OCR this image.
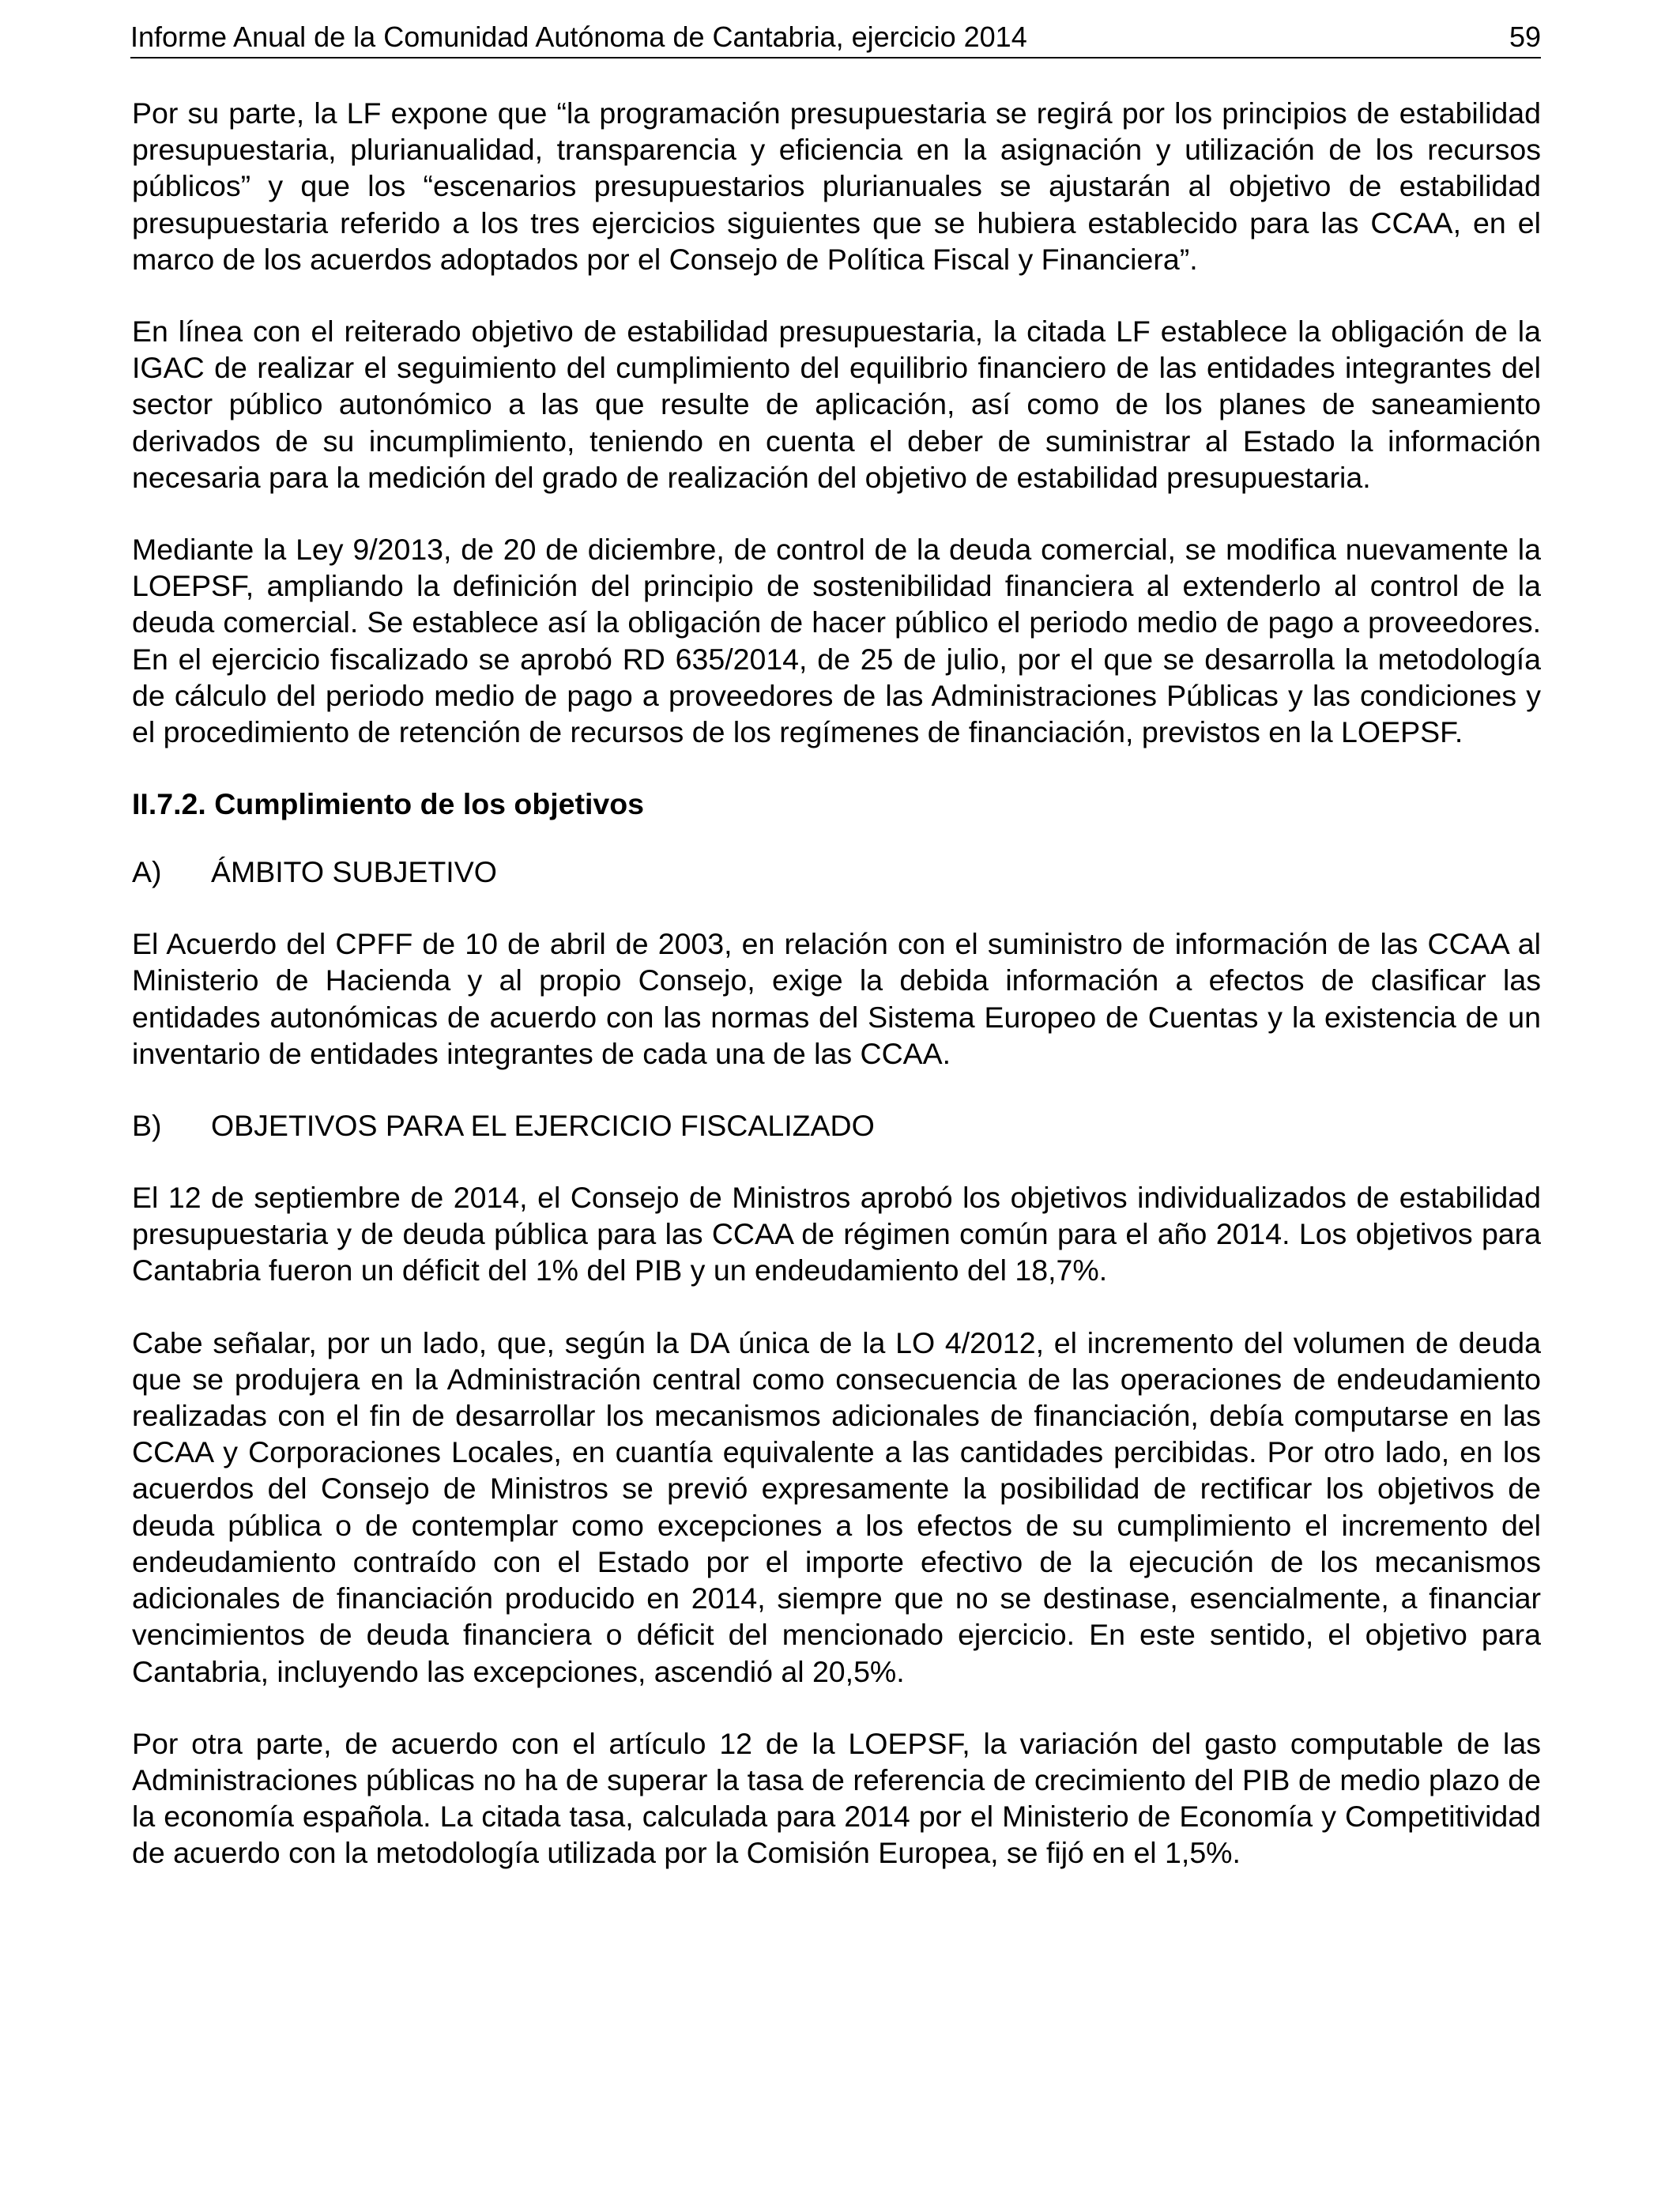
Informe Anual de la Comunidad Autónoma de Cantabria, ejercicio 2014	59

Por su parte, la LF expone que “la programación presupuestaria se regirá por los principios de estabilidad presupuestaria, plurianualidad, transparencia y eficiencia en la asignación y utilización de los recursos públicos” y que los “escenarios presupuestarios plurianuales se ajustarán al objetivo de estabilidad presupuestaria referido a los tres ejercicios siguientes que se hubiera establecido para las CCAA, en el marco de los acuerdos adoptados por el Consejo de Política Fiscal y Financiera”.

En línea con el reiterado objetivo de estabilidad presupuestaria, la citada LF establece la obligación de la IGAC de realizar el seguimiento del cumplimiento del equilibrio financiero de las entidades integrantes del sector público autonómico a las que resulte de aplicación, así como de los planes de saneamiento derivados de su incumplimiento, teniendo en cuenta el deber de suministrar al Estado la información necesaria para la medición del grado de realización del objetivo de estabilidad presupuestaria.

Mediante la Ley 9/2013, de 20 de diciembre, de control de la deuda comercial, se modifica nuevamente la LOEPSF, ampliando la definición del principio de sostenibilidad financiera al extenderlo al control de la deuda comercial. Se establece así la obligación de hacer público el periodo medio de pago a proveedores. En el ejercicio fiscalizado se aprobó RD 635/2014, de 25 de julio, por el que se desarrolla la metodología de cálculo del periodo medio de pago a proveedores de las Administraciones Públicas y las condiciones y el procedimiento de retención de recursos de los regímenes de financiación, previstos en la LOEPSF.

II.7.2. Cumplimiento de los objetivos
A)	ÁMBITO SUBJETIVO

El Acuerdo del CPFF de 10 de abril de 2003, en relación con el suministro de información de las CCAA al Ministerio de Hacienda y al propio Consejo, exige la debida información a efectos de clasificar las entidades autonómicas de acuerdo con las normas del Sistema Europeo de Cuentas y la existencia de un inventario de entidades integrantes de cada una de las CCAA.

B)	OBJETIVOS PARA EL EJERCICIO FISCALIZADO

El 12 de septiembre de 2014, el Consejo de Ministros aprobó los objetivos individualizados de estabilidad presupuestaria y de deuda pública para las CCAA de régimen común para el año 2014. Los objetivos para Cantabria fueron un déficit del 1% del PIB y un endeudamiento del 18,7%.

Cabe señalar, por un lado, que, según la DA única de la LO 4/2012, el incremento del volumen de deuda que se produjera en la Administración central como consecuencia de las operaciones de endeudamiento realizadas con el fin de desarrollar los mecanismos adicionales de financiación, debía computarse en las CCAA y Corporaciones Locales, en cuantía equivalente a las cantidades percibidas. Por otro lado, en los acuerdos del Consejo de Ministros se previó expresamente la posibilidad de rectificar los objetivos de deuda pública o de contemplar como excepciones a los efectos de su cumplimiento el incremento del endeudamiento contraído con el Estado por el importe efectivo de la ejecución de los mecanismos adicionales de financiación producido en 2014, siempre que no se destinase, esencialmente, a financiar vencimientos de deuda financiera o déficit del mencionado ejercicio. En este sentido, el objetivo para Cantabria, incluyendo las excepciones, ascendió al 20,5%.

Por otra parte, de acuerdo con el artículo 12 de la LOEPSF, la variación del gasto computable de las Administraciones públicas no ha de superar la tasa de referencia de crecimiento del PIB de medio plazo de la economía española. La citada tasa, calculada para 2014 por el Ministerio de Economía y Competitividad de acuerdo con la metodología utilizada por la Comisión Europea, se fijó en el 1,5%.
